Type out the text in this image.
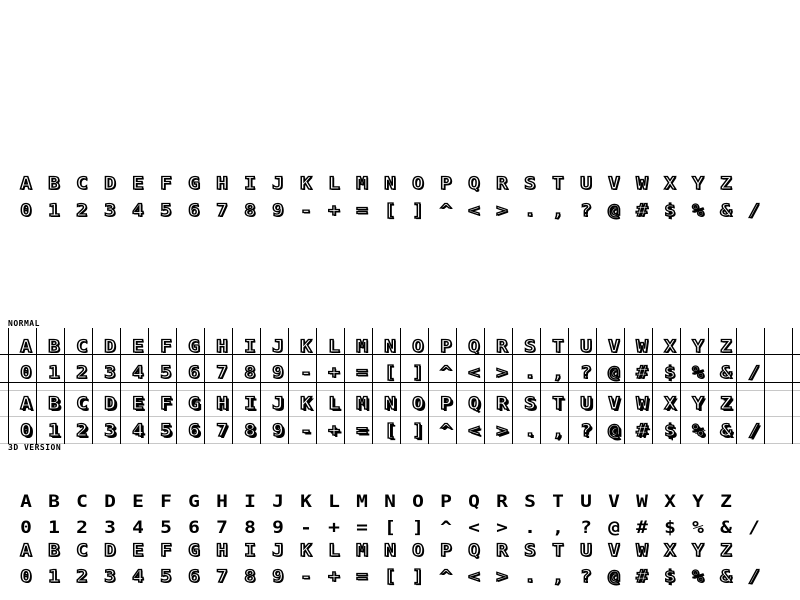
A B C D E F G H I J K L M N O P Q R S T U V W X Y Z
0 1 2 3 4 5 6 7 8 9 - + = [ ] ^ < > . , ? @ # $ % & /
NORMAL
A B C D E F G H I J K L M N O P Q R S T U V W X Y Z
0 1 2 3 4 5 6 7 8 9 - + = [ ] ^ < > . , ? @ # $ % & /
A B C D E F G H I J K L M N O P Q R S T U V W X Y Z
0 1 2 3 4 5 6 7 8 9 - + = [ ] ^ < > . , ? @ # $ % & /
3D VERSION
A B C D E F G H I J K L M N O P Q R S T U V W X Y Z
0 1 2 3 4 5 6 7 8 9 - + = [ ] ^ < > . , ? @ # $ % & /
A B C D E F G H I J K L M N O P Q R S T U V W X Y Z
0 1 2 3 4 5 6 7 8 9 - + = [ ] ^ < > . , ? @ # $ % & /
